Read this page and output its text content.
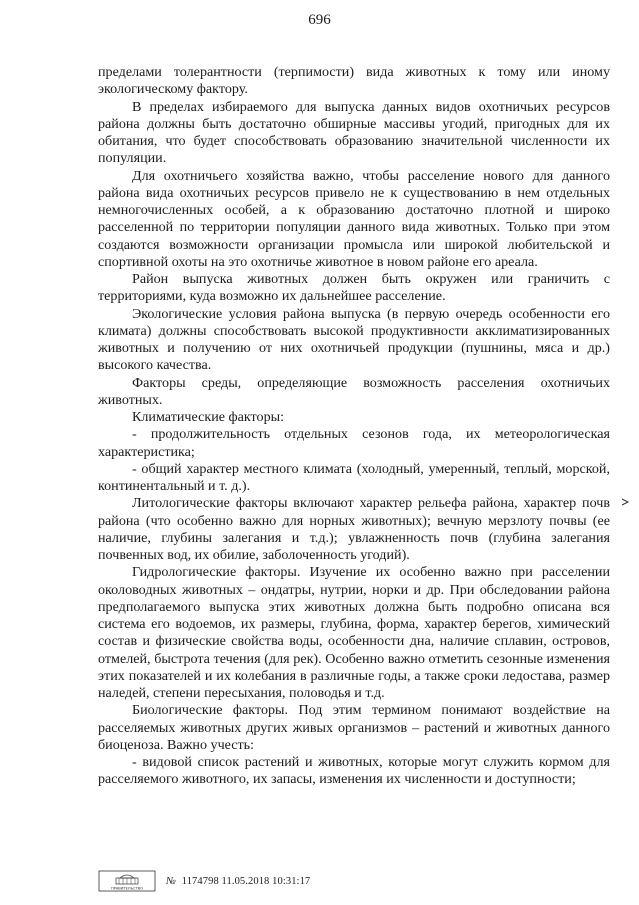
696

пределами толерантности (терпимости) вида животных к тому или иному экологическому фактору.

В пределах избираемого для выпуска данных видов охотничьих ресурсов района должны быть достаточно обширные массивы угодий, пригодных для их обитания, что будет способствовать образованию значительной численности их популяции.

Для охотничьего хозяйства важно, чтобы расселение нового для данного района вида охотничьих ресурсов привело не к существованию в нем отдельных немногочисленных особей, а к образованию достаточно плотной и широко расселенной по территории популяции данного вида животных. Только при этом создаются возможности организации промысла или широкой любительской и спортивной охоты на это охотничье животное в новом районе его ареала.

Район выпуска животных должен быть окружен или граничить с территориями, куда возможно их дальнейшее расселение.

Экологические условия района выпуска (в первую очередь особенности его климата) должны способствовать высокой продуктивности акклиматизированных животных и получению от них охотничьей продукции (пушнины, мяса и др.) высокого качества.

Факторы среды, определяющие возможность расселения охотничьих животных.

Климатические факторы:

- продолжительность отдельных сезонов года, их метеорологическая характеристика;

- общий характер местного климата (холодный, умеренный, теплый, морской, континентальный и т. д.).

Литологические факторы включают характер рельефа района, характер почв района (что особенно важно для норных животных); вечную мерзлоту почвы (ее наличие, глубины залегания и т.д.); увлажненность почв (глубина залегания почвенных вод, их обилие, заболоченность угодий).

Гидрологические факторы. Изучение их особенно важно при расселении околоводных животных – ондатры, нутрии, норки и др. При обследовании района предполагаемого выпуска этих животных должна быть подробно описана вся система его водоемов, их размеры, глубина, форма, характер берегов, химический состав и физические свойства воды, особенности дна, наличие сплавин, островов, отмелей, быстрота течения (для рек). Особенно важно отметить сезонные изменения этих показателей и их колебания в различные годы, а также сроки ледостава, размер наледей, степени пересыхания, половодья и т.д.

Биологические факторы. Под этим термином понимают воздействие на расселяемых животных других живых организмов – растений и животных данного биоценоза. Важно учесть:

- видовой список растений и животных, которые могут служить кормом для расселяемого животного, их запасы, изменения их численности и доступности;

ПРАВИТЕЛЬСТВО
№ 1174798 11.05.2018 10:31:17
